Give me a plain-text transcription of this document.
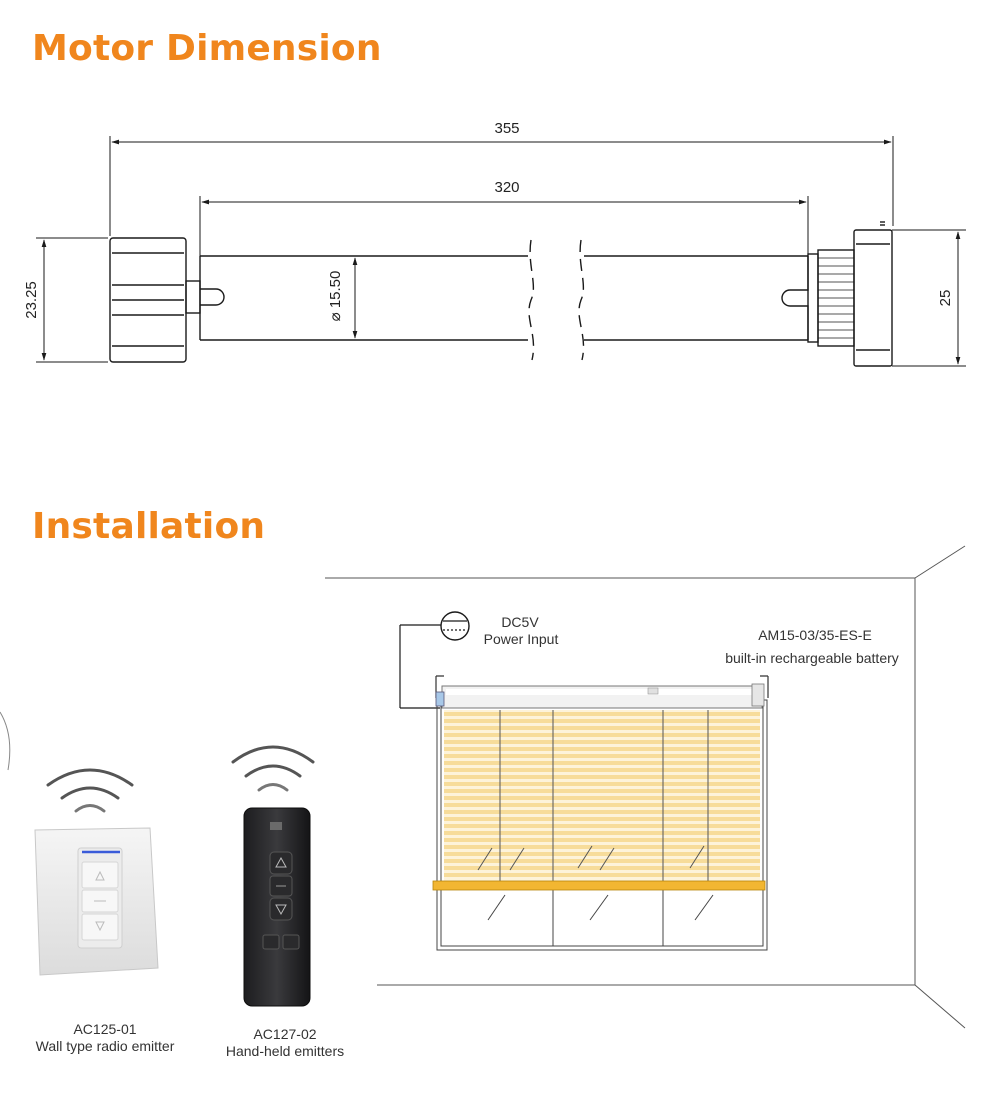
Motor Dimension
Installation
355
320
23.25	⌀ 15.50	25
DC5V
Power Input	AM15-03/35-ES-E
built-in rechargeable battery
AC125-01
Wall type radio emitter
AC127-02
Hand-held emitters
